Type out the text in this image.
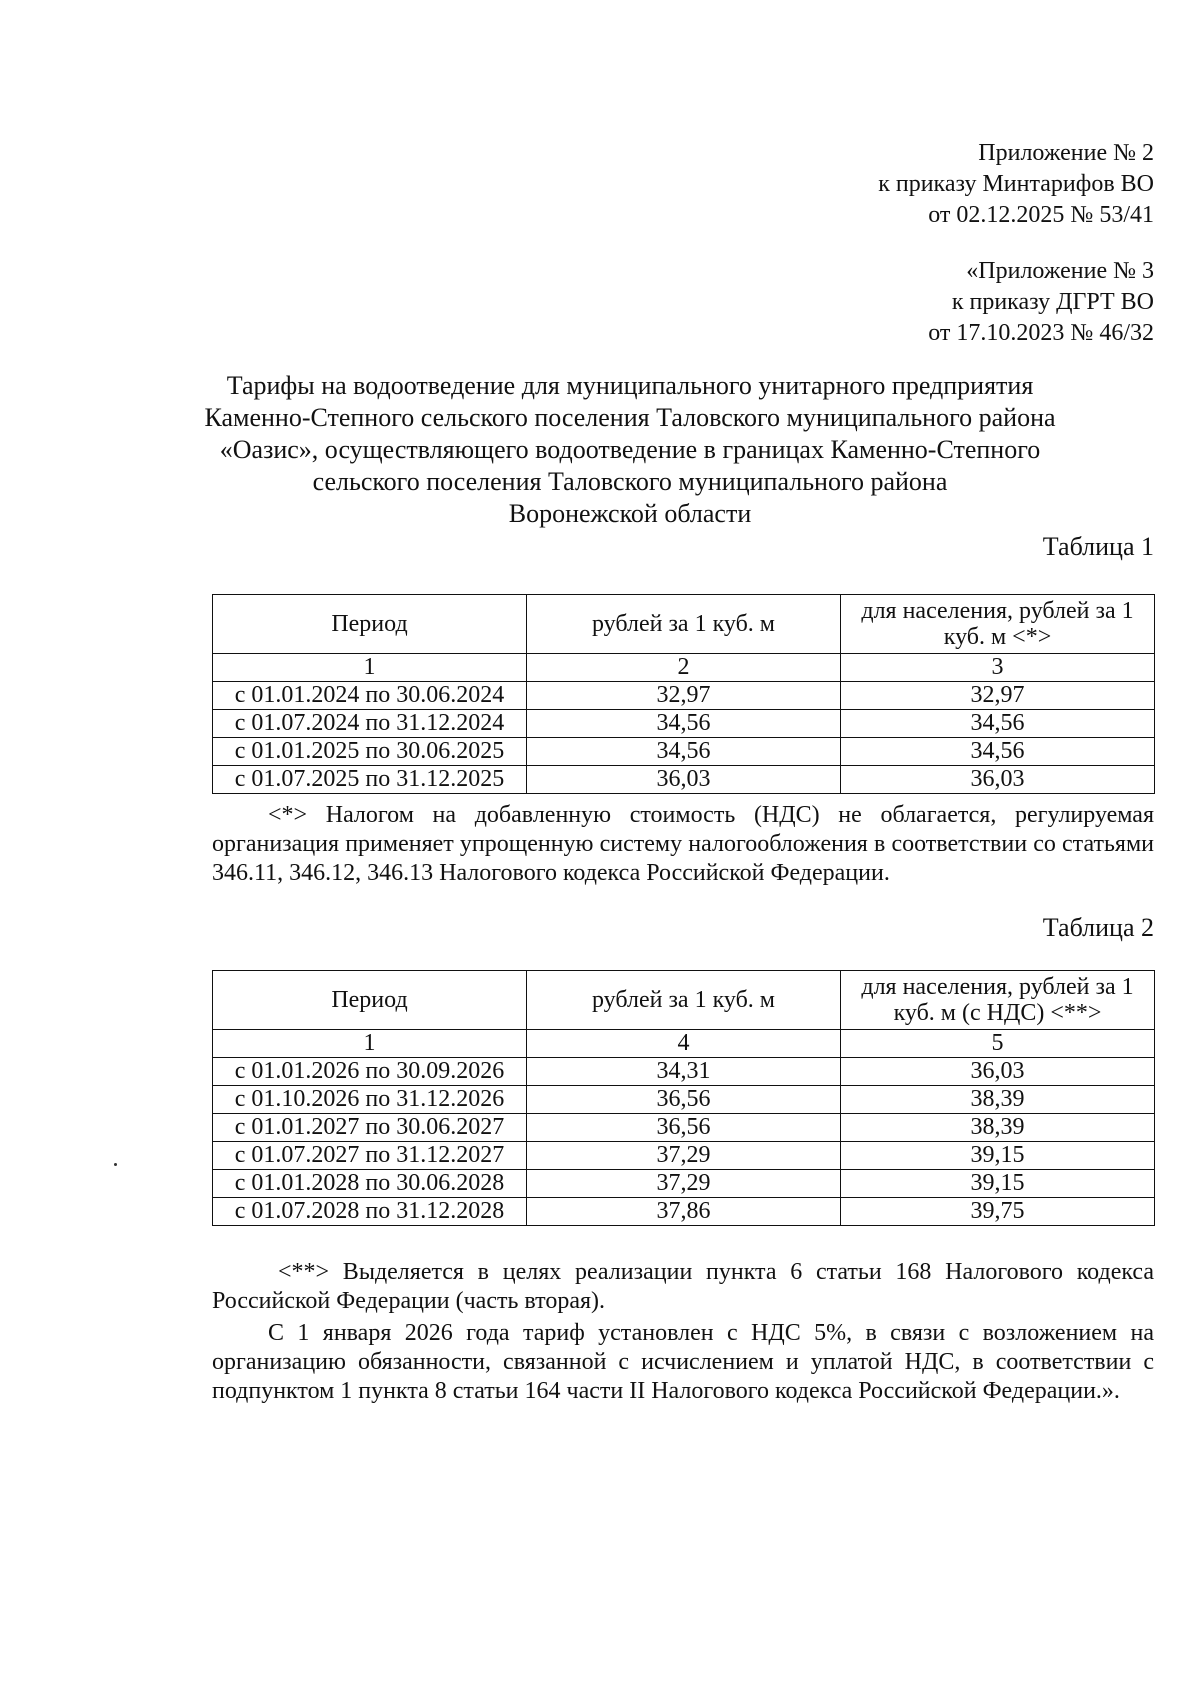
Приложение № 2
к приказу Минтарифов ВО
от 02.12.2025 № 53/41
«Приложение № 3
к приказу ДГРТ ВО
от 17.10.2023 № 46/32
Тарифы на водоотведение для муниципального унитарного предприятия
Каменно-Степного сельского поселения Таловского муниципального района
«Оазис», осуществляющего водоотведение в границах Каменно-Степного
сельского поселения Таловского муниципального района
Воронежской области
Таблица 1
Период	рублей за 1 куб. м	для населения, рублей за 1 куб. м <*>
1	2	3
с 01.01.2024 по 30.06.2024	32,97	32,97
с 01.07.2024 по 31.12.2024	34,56	34,56
с 01.01.2025 по 30.06.2025	34,56	34,56
с 01.07.2025 по 31.12.2025	36,03	36,03
<*> Налогом на добавленную стоимость (НДС) не облагается, регулируемая организация применяет упрощенную систему налогообложения в соответствии со статьями 346.11, 346.12, 346.13 Налогового кодекса Российской Федерации.
Таблица 2
Период	рублей за 1 куб. м	для населения, рублей за 1 куб. м (с НДС) <**>
1	4	5
с 01.01.2026 по 30.09.2026	34,31	36,03
с 01.10.2026 по 31.12.2026	36,56	38,39
с 01.01.2027 по 30.06.2027	36,56	38,39
с 01.07.2027 по 31.12.2027	37,29	39,15
с 01.01.2028 по 30.06.2028	37,29	39,15
с 01.07.2028 по 31.12.2028	37,86	39,75
<**> Выделяется в целях реализации пункта 6 статьи 168 Налогового кодекса Российской Федерации (часть вторая).
С 1 января 2026 года тариф установлен с НДС 5%, в связи с возложением на организацию обязанности, связанной с исчислением и уплатой НДС, в соответствии с подпунктом 1 пункта 8 статьи 164 части II Налогового кодекса Российской Федерации.».
